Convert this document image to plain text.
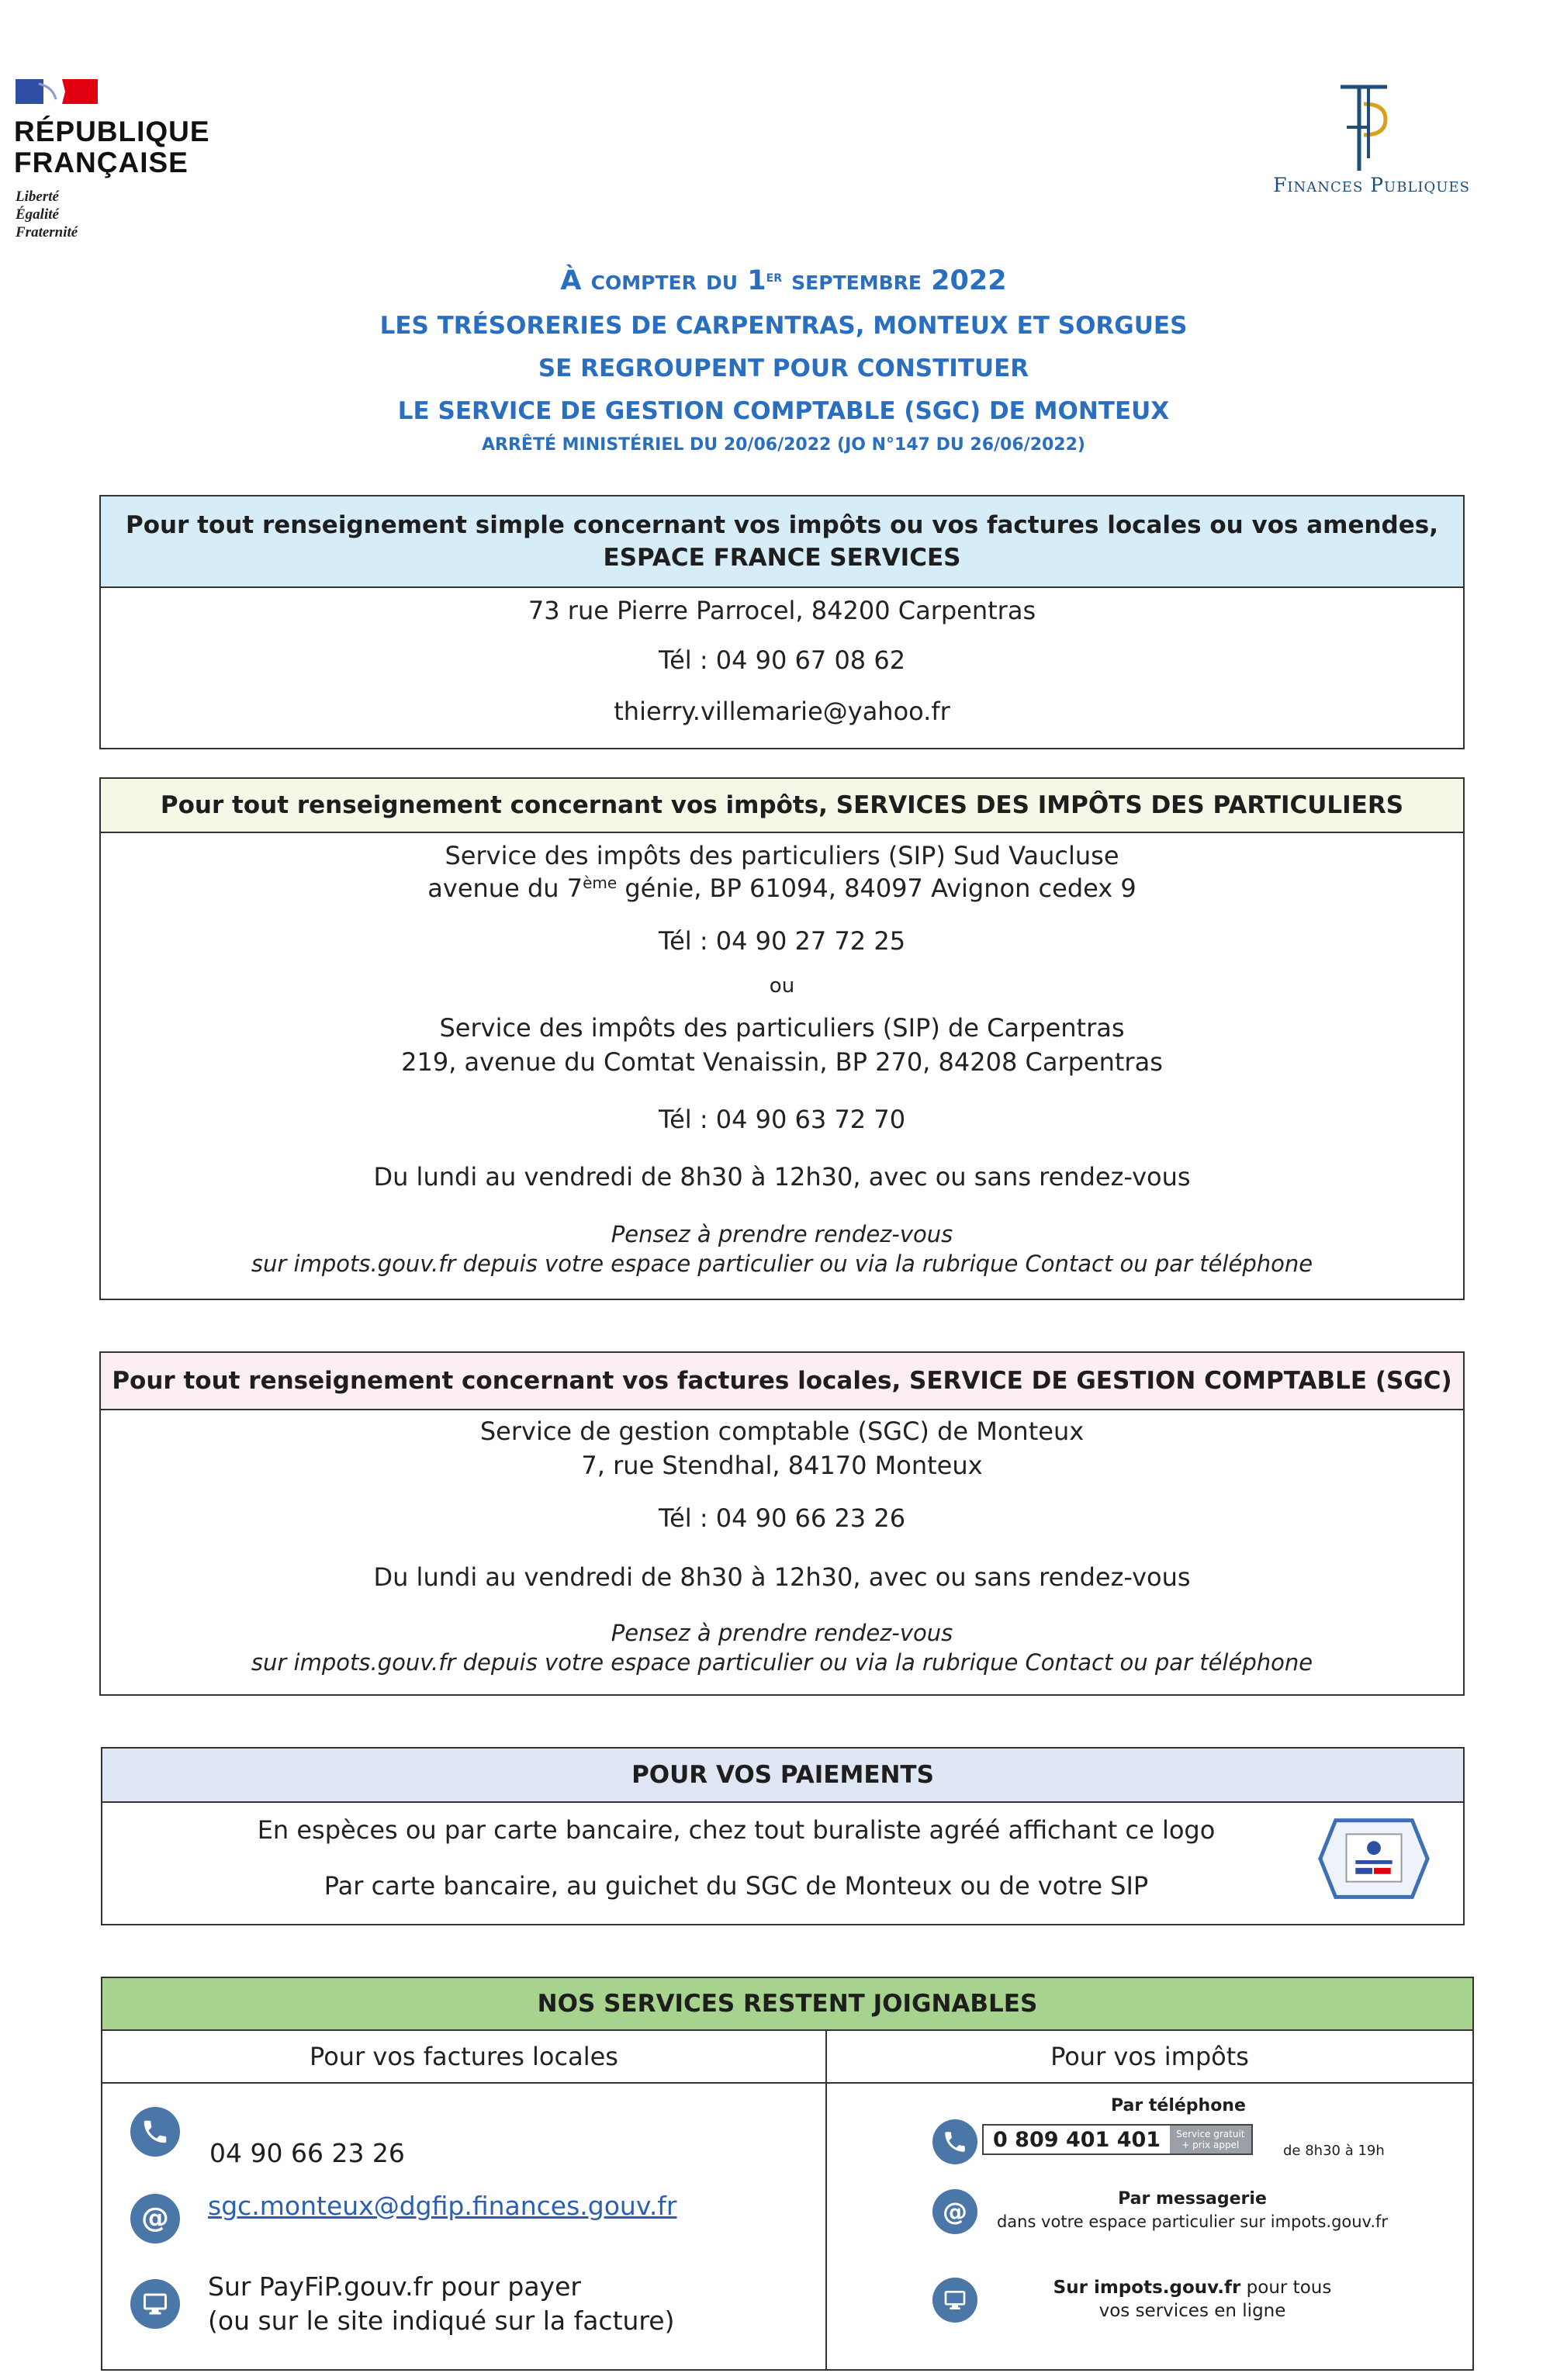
RÉPUBLIQUE
FRANÇAISE
Liberté
Égalité
Fraternité
Finances Publiques
À compter du 1er septembre 2022
LES TRÉSORERIES DE CARPENTRAS, MONTEUX ET SORGUES
SE REGROUPENT POUR CONSTITUER
LE SERVICE DE GESTION COMPTABLE (SGC) DE MONTEUX
ARRÊTÉ MINISTÉRIEL DU 20/06/2022 (JO N°147 DU 26/06/2022)
Pour tout renseignement simple concernant vos impôts ou vos factures locales ou vos amendes,
ESPACE FRANCE SERVICES
73 rue Pierre Parrocel, 84200 Carpentras
Tél : 04 90 67 08 62
thierry.villemarie@yahoo.fr
Pour tout renseignement concernant vos impôts, SERVICES DES IMPÔTS DES PARTICULIERS
Service des impôts des particuliers (SIP) Sud Vaucluse
avenue du 7ème génie, BP 61094, 84097 Avignon cedex 9
Tél : 04 90 27 72 25
ou
Service des impôts des particuliers (SIP) de Carpentras
219, avenue du Comtat Venaissin, BP 270, 84208 Carpentras
Tél : 04 90 63 72 70
Du lundi au vendredi de 8h30 à 12h30, avec ou sans rendez-vous
Pensez à prendre rendez-vous
sur impots.gouv.fr depuis votre espace particulier ou via la rubrique Contact ou par téléphone
Pour tout renseignement concernant vos factures locales, SERVICE DE GESTION COMPTABLE (SGC)
Service de gestion comptable (SGC) de Monteux
7, rue Stendhal, 84170 Monteux
Tél : 04 90 66 23 26
Du lundi au vendredi de 8h30 à 12h30, avec ou sans rendez-vous
Pensez à prendre rendez-vous
sur impots.gouv.fr depuis votre espace particulier ou via la rubrique Contact ou par téléphone
POUR VOS PAIEMENTS
En espèces ou par carte bancaire, chez tout buraliste agréé affichant ce logo
Par carte bancaire, au guichet du SGC de Monteux ou de votre SIP
NOS SERVICES RESTENT JOIGNABLES
Pour vos factures locales	Pour vos impôts
04 90 66 23 26
@ sgc.monteux@dgfip.finances.gouv.fr
Sur PayFiP.gouv.fr pour payer
(ou sur le site indiqué sur la facture)
Par téléphone
0 809 401 401	Service gratuit
+ prix appel	de 8h30 à 19h
@	Par messagerie
dans votre espace particulier sur impots.gouv.fr
Sur impots.gouv.fr pour tous
vos services en ligne
